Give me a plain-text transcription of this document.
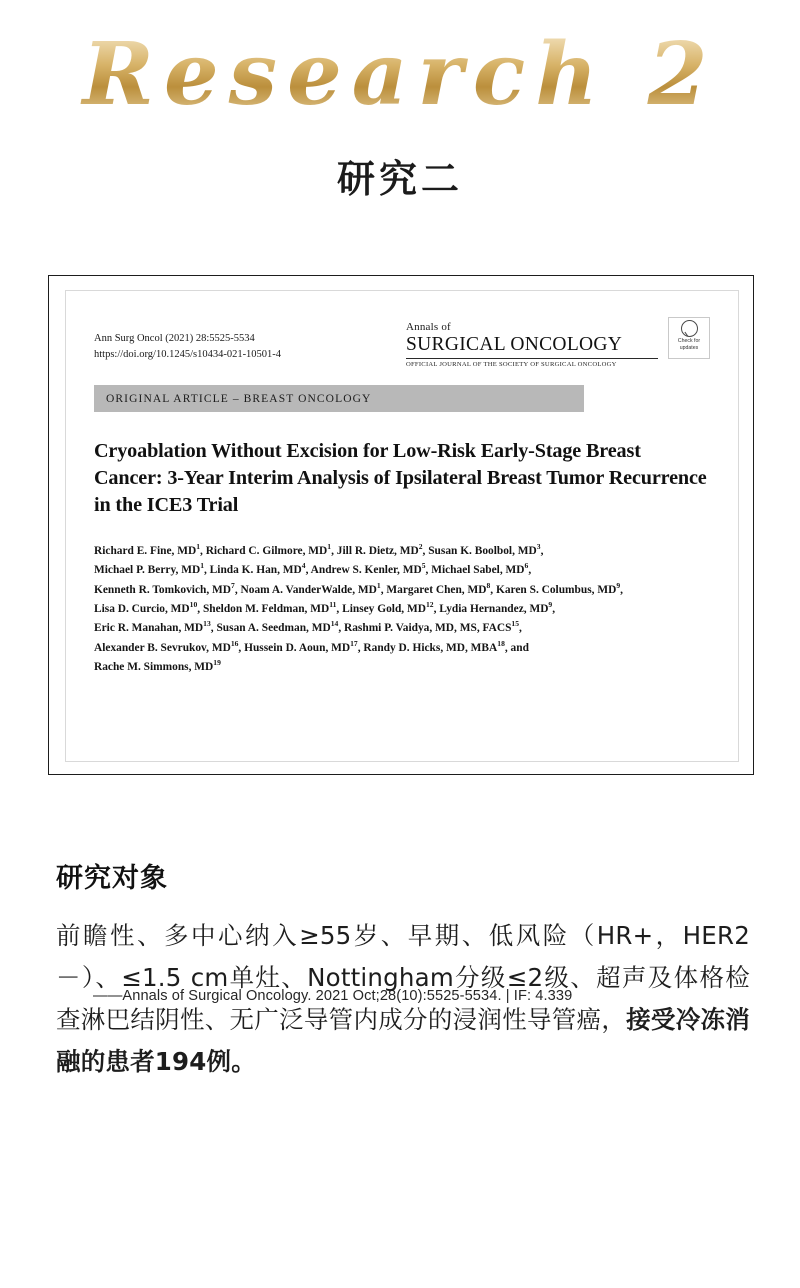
Research 2
研究二
Ann Surg Oncol (2021) 28:5525-5534
https://doi.org/10.1245/s10434-021-10501-4
Annals of
SURGICAL ONCOLOGY
OFFICIAL JOURNAL OF THE SOCIETY OF SURGICAL ONCOLOGY
Check for
updates
ORIGINAL ARTICLE – BREAST ONCOLOGY
Cryoablation Without Excision for Low-Risk Early-Stage Breast Cancer: 3-Year Interim Analysis of Ipsilateral Breast Tumor Recurrence in the ICE3 Trial
Richard E. Fine, $MD^1$, Richard C. Gilmore, $MD^1$, Jill R. Dietz, $MD^2$, Susan K. Boolbol, $MD^3$,
Michael P. Berry, $MD^1$, Linda K. Han, $MD^4$, Andrew S. Kenler, $MD^5$, Michael Sabel, $MD^6$,
Kenneth R. Tomkovich, $MD^7$, Noam A. VanderWalde, $MD^1$, Margaret Chen, $MD^8$, Karen S. Columbus, $MD^9$,
Lisa D. Curcio, MD$^{10}$, Sheldon M. Feldman, MD$^{11}$, Linsey Gold, MD$^{12}$, Lydia Hernandez, $MD^9$,
Eric R. Manahan, MD$^{13}$, Susan A. Seedman, MD$^{14}$, Rashmi P. Vaidya, MD, MS, FACS$^{15}$,
Alexander B. Sevrukov, MD$^{16}$, Hussein D. Aoun, MD$^{17}$, Randy D. Hicks, MD, MBA$^{18}$, and
Rache M. Simmons, MD$^{19}$
——Annals of Surgical Oncology. 2021 Oct;28(10):5525-5534. | IF: 4.339
研究对象
前瞻性、多中心纳入≥55岁、早期、低风险（HR+，HER2－）、≤1.5 cm单灶、Nottingham分级≤2级、超声及体格检查淋巴结阴性、无广泛导管内成分的浸润性导管癌，接受冷冻消融的患者194例。
